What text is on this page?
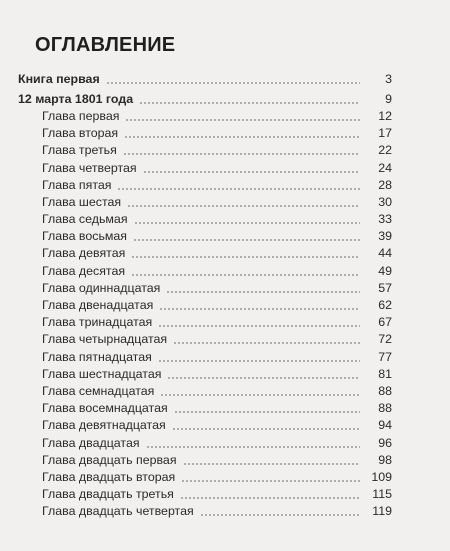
ОГЛАВЛЕНИЕ
Книга первая	3
12 марта 1801 года	9
Глава первая	12
Глава вторая	17
Глава третья	22
Глава четвертая	24
Глава пятая	28
Глава шестая	30
Глава седьмая	33
Глава восьмая	39
Глава девятая	44
Глава десятая	49
Глава одиннадцатая	57
Глава двенадцатая	62
Глава тринадцатая	67
Глава четырнадцатая	72
Глава пятнадцатая	77
Глава шестнадцатая	81
Глава семнадцатая	88
Глава восемнадцатая	88
Глава девятнадцатая	94
Глава двадцатая	96
Глава двадцать первая	98
Глава двадцать вторая	109
Глава двадцать третья	115
Глава двадцать четвертая	119
